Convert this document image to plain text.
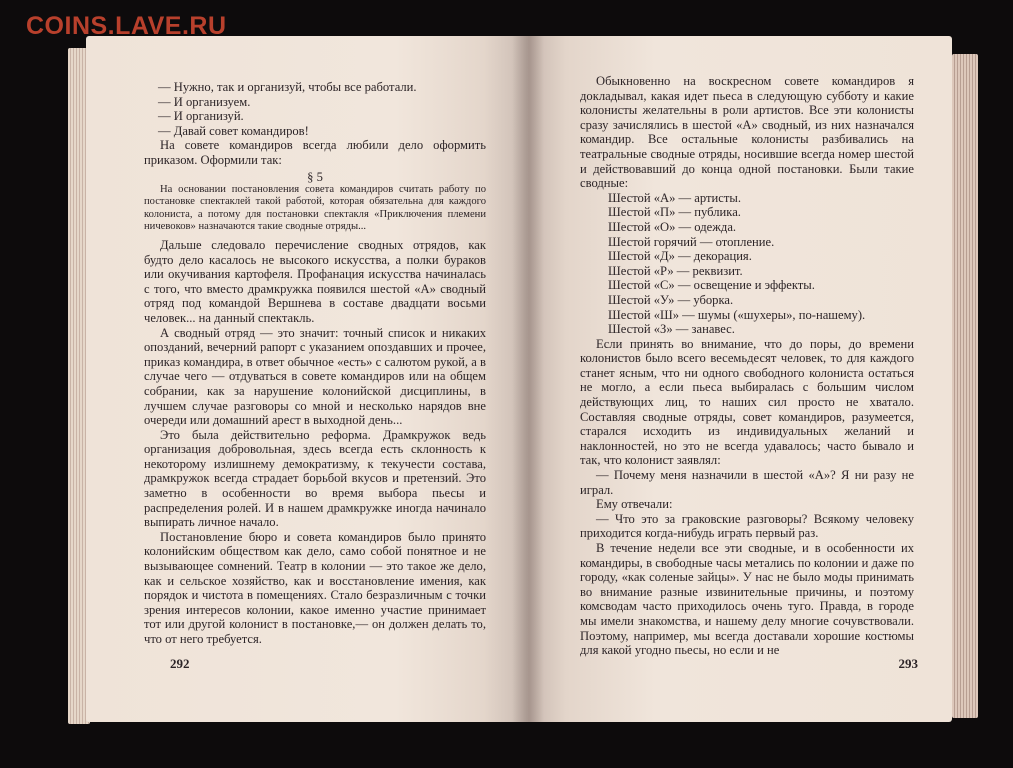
COINS.LAVE.RU

— Нужно, так и организуй, чтобы все работали.

— И организуем.

— И организуй.

— Давай совет командиров!

На совете командиров всегда любили дело оформить приказом. Оформили так:

§ 5

На основании постановления совета командиров считать работу по постановке спектаклей такой работой, которая обязательна для каждого колониста, а потому для постановки спектакля «Приключения племени ничевоков» назначаются такие сводные отряды...

Дальше следовало перечисление сводных отрядов, как будто дело касалось не высокого искусства, а полки бураков или окучивания картофеля. Профанация искусства начиналась с того, что вместо драмкружка появился шестой «А» сводный отряд под командой Вершнева в составе двадцати восьми человек... на данный спектакль.

А сводный отряд — это значит: точный список и никаких опозданий, вечерний рапорт с указанием опоздавших и прочее, приказ командира, в ответ обычное «есть» с салютом рукой, а в случае чего — отдуваться в совете командиров или на общем собрании, как за нарушение колонийской дисциплины, в лучшем случае разговоры со мной и несколько нарядов вне очереди или домашний арест в выходной день...

Это была действительно реформа. Драмкружок ведь организация добровольная, здесь всегда есть склонность к некоторому излишнему демократизму, к текучести состава, драмкружок всегда страдает борьбой вкусов и претензий. Это заметно в особенности во время выбора пьесы и распределения ролей. И в нашем драмкружке иногда начинало выпирать личное начало.

Постановление бюро и совета командиров было принято колонийским обществом как дело, само собой понятное и не вызывающее сомнений. Театр в колонии — это такое же дело, как и сельское хозяйство, как и восстановление имения, как порядок и чистота в помещениях. Стало безразличным с точки зрения интересов колонии, какое именно участие принимает тот или другой колонист в постановке,— он должен делать то, что от него требуется.

292

Обыкновенно на воскресном совете командиров я докладывал, какая идет пьеса в следующую субботу и какие колонисты желательны в роли артистов. Все эти колонисты сразу зачислялись в шестой «А» сводный, из них назначался командир. Все остальные колонисты разбивались на театральные сводные отряды, носившие всегда номер шестой и действовавший до конца одной постановки. Были такие сводные:

Шестой «А» — артисты.

Шестой «П» — публика.

Шестой «О» — одежда.

Шестой горячий — отопление.

Шестой «Д» — декорация.

Шестой «Р» — реквизит.

Шестой «С» — освещение и эффекты.

Шестой «У» — уборка.

Шестой «Ш» — шумы («шухеры», по-нашему).

Шестой «З» — занавес.

Если принять во внимание, что до поры, до времени колонистов было всего весемьдесят человек, то для каждого станет ясным, что ни одного свободного колониста остаться не могло, а если пьеса выбиралась с большим числом действующих лиц, то наших сил просто не хватало. Составляя сводные отряды, совет командиров, разумеется, старался исходить из индивидуальных желаний и наклонностей, но это не всегда удавалось; часто бывало и так, что колонист заявлял:

— Почему меня назначили в шестой «А»? Я ни разу не играл.

Ему отвечали:

— Что это за граковские разговоры? Всякому человеку приходится когда-нибудь играть первый раз.

В течение недели все эти сводные, и в особенности их командиры, в свободные часы метались по колонии и даже по городу, «как соленые зайцы». У нас не было моды принимать во внимание разные извинительные причины, и поэтому комсводам часто приходилось очень туго. Правда, в городе мы имели знакомства, и нашему делу многие сочувствовали. Поэтому, например, мы всегда доставали хорошие костюмы для какой угодно пьесы, но если и не

293
